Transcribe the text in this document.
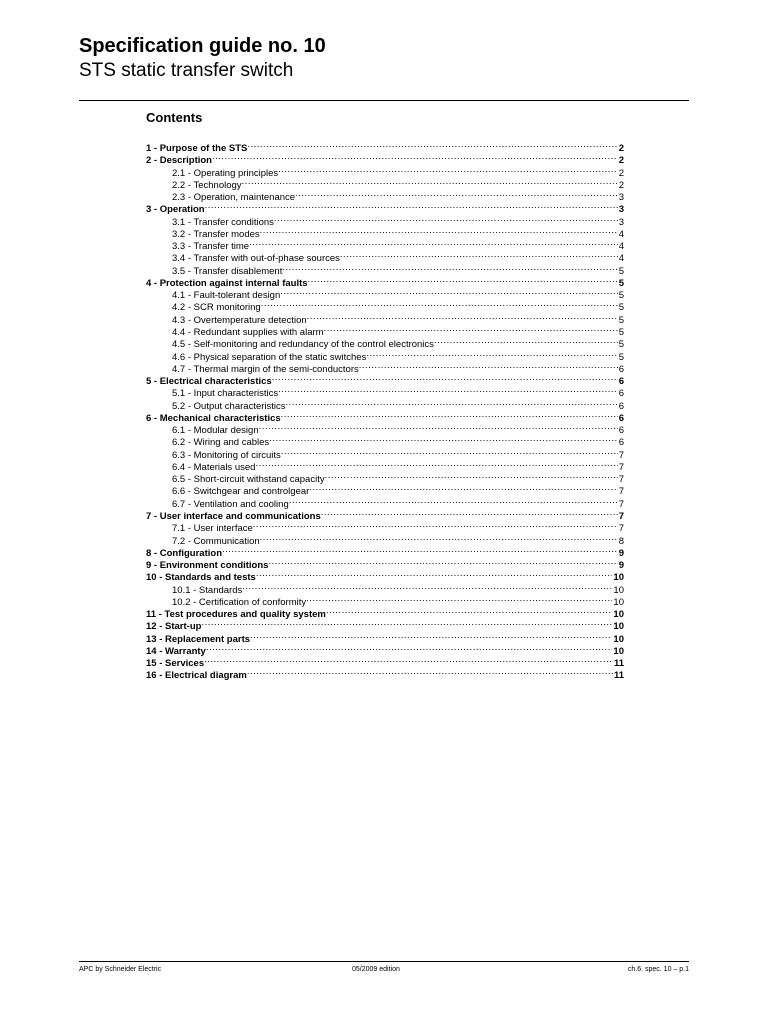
Specification guide no. 10
STS static transfer switch
Contents
1 - Purpose of the STS .....	2
2 - Description .....	2
2.1 - Operating principles .....	2
2.2 - Technology .....	2
2.3 - Operation, maintenance .....	3
3 - Operation .....	3
3.1 - Transfer conditions .....	3
3.2 - Transfer modes .....	4
3.3 - Transfer time .....	4
3.4 - Transfer with out-of-phase sources .....	4
3.5 - Transfer disablement .....	5
4 - Protection against internal faults .....	5
4.1 - Fault-tolerant design .....	5
4.2 - SCR monitoring .....	5
4.3 - Overtemperature detection .....	5
4.4 - Redundant supplies with alarm .....	5
4.5 - Self-monitoring and redundancy of the control electronics .....	5
4.6 - Physical separation of the static switches .....	5
4.7 - Thermal margin of the semi-conductors .....	6
5 - Electrical characteristics .....	6
5.1 - Input characteristics .....	6
5.2 - Output characteristics .....	6
6 - Mechanical characteristics .....	6
6.1 - Modular design .....	6
6.2 - Wiring and cables .....	6
6.3 - Monitoring of circuits .....	7
6.4 - Materials used .....	7
6.5 - Short-circuit withstand capacity .....	7
6.6 - Switchgear and controlgear .....	7
6.7 - Ventilation and cooling .....	7
7 - User interface and communications .....	7
7.1 - User interface .....	7
7.2 - Communication .....	8
8 - Configuration .....	9
9 - Environment conditions .....	9
10 - Standards and tests .....	10
10.1 - Standards .....	10
10.2 - Certification of conformity .....	10
11 - Test procedures and quality system .....	10
12 - Start-up .....	10
13 - Replacement parts .....	10
14 - Warranty .....	10
15 - Services .....	11
16 - Electrical diagram .....	11
APC by Schneider Electric	05/2009 edition	ch.6. spec. 10 – p.1
